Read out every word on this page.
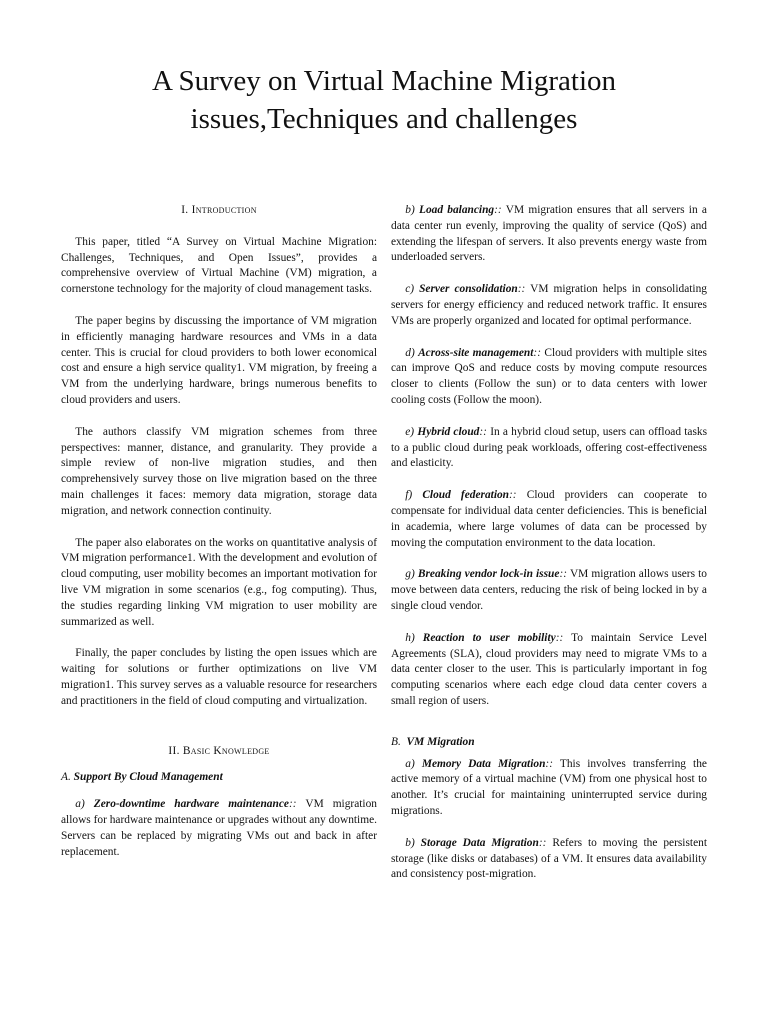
A Survey on Virtual Machine Migration
issues,Techniques and challenges
I. Introduction

This paper, titled “A Survey on Virtual Machine Migration: Challenges, Techniques, and Open Issues”, provides a comprehensive overview of Virtual Machine (VM) migration, a cornerstone technology for the majority of cloud management tasks.

The paper begins by discussing the importance of VM migration in efficiently managing hardware resources and VMs in a data center. This is crucial for cloud providers to both lower economical cost and ensure a high service quality1. VM migration, by freeing a VM from the underlying hardware, brings numerous benefits to cloud providers and users.

The authors classify VM migration schemes from three perspectives: manner, distance, and granularity. They provide a simple review of non-live migration studies, and then comprehensively survey those on live migration based on the three main challenges it faces: memory data migration, storage data migration, and network connection continuity.

The paper also elaborates on the works on quantitative analysis of VM migration performance1. With the development and evolution of cloud computing, user mobility becomes an important motivation for live VM migration in some scenarios (e.g., fog computing). Thus, the studies regarding linking VM migration to user mobility are summarized as well.

Finally, the paper concludes by listing the open issues which are waiting for solutions or further optimizations on live VM migration1. This survey serves as a valuable resource for researchers and practitioners in the field of cloud computing and virtualization.

II. Basic Knowledge
A. Support By Cloud Management

a) Zero-downtime hardware maintenance:: VM migration allows for hardware maintenance or upgrades without any downtime. Servers can be replaced by migrating VMs out and back in after replacement.

b) Load balancing:: VM migration ensures that all servers in a data center run evenly, improving the quality of service (QoS) and extending the lifespan of servers. It also prevents energy waste from underloaded servers.

c) Server consolidation:: VM migration helps in consolidating servers for energy efficiency and reduced network traffic. It ensures VMs are properly organized and located for optimal performance.

d) Across-site management:: Cloud providers with multiple sites can improve QoS and reduce costs by moving compute resources closer to clients (Follow the sun) or to data centers with lower cooling costs (Follow the moon).

e) Hybrid cloud:: In a hybrid cloud setup, users can offload tasks to a public cloud during peak workloads, offering cost-effectiveness and elasticity.

f) Cloud federation:: Cloud providers can cooperate to compensate for individual data center deficiencies. This is beneficial in academia, where large volumes of data can be processed by moving the computation environment to the data location.

g) Breaking vendor lock-in issue:: VM migration allows users to move between data centers, reducing the risk of being locked in by a single cloud vendor.

h) Reaction to user mobility:: To maintain Service Level Agreements (SLA), cloud providers may need to migrate VMs to a data center closer to the user. This is particularly important in fog computing scenarios where each edge cloud data center covers a small region of users.

B. VM Migration

a) Memory Data Migration:: This involves transferring the active memory of a virtual machine (VM) from one physical host to another. It’s crucial for maintaining uninterrupted service during migrations.

b) Storage Data Migration:: Refers to moving the persistent storage (like disks or databases) of a VM. It ensures data availability and consistency post-migration.
